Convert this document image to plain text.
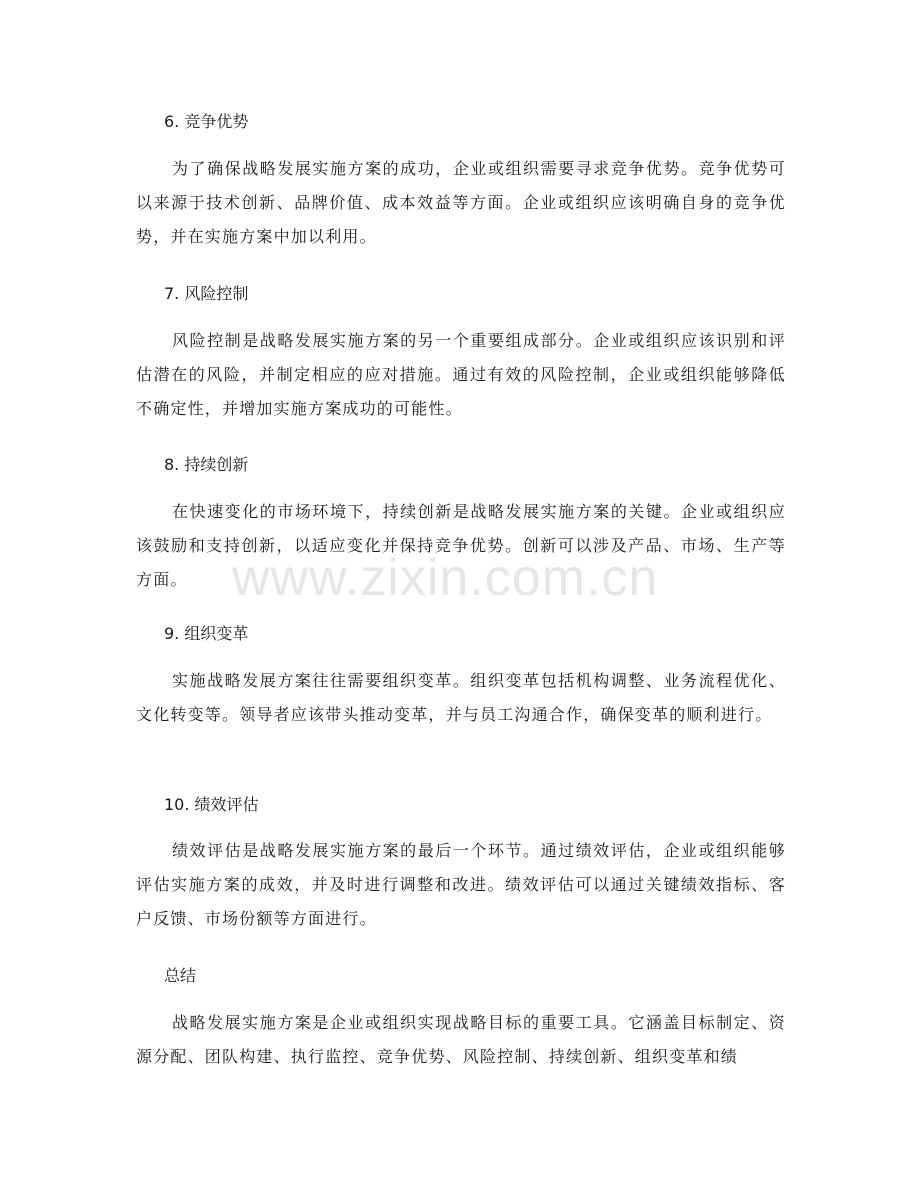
6. 竞争优势
为了确保战略发展实施方案的成功，企业或组织需要寻求竞争优势。竞争优势可以来源于技术创新、品牌价值、成本效益等方面。企业或组织应该明确自身的竞争优势，并在实施方案中加以利用。
7. 风险控制
风险控制是战略发展实施方案的另一个重要组成部分。企业或组织应该识别和评估潜在的风险，并制定相应的应对措施。通过有效的风险控制，企业或组织能够降低不确定性，并增加实施方案成功的可能性。
8. 持续创新
在快速变化的市场环境下，持续创新是战略发展实施方案的关键。企业或组织应该鼓励和支持创新，以适应变化并保持竞争优势。创新可以涉及产品、市场、生产等方面。
9. 组织变革
实施战略发展方案往往需要组织变革。组织变革包括机构调整、业务流程优化、文化转变等。领导者应该带头推动变革，并与员工沟通合作，确保变革的顺利进行。
10. 绩效评估
绩效评估是战略发展实施方案的最后一个环节。通过绩效评估，企业或组织能够评估实施方案的成效，并及时进行调整和改进。绩效评估可以通过关键绩效指标、客户反馈、市场份额等方面进行。
总结
战略发展实施方案是企业或组织实现战略目标的重要工具。它涵盖目标制定、资源分配、团队构建、执行监控、竞争优势、风险控制、持续创新、组织变革和绩
www.zixin.com.cn
